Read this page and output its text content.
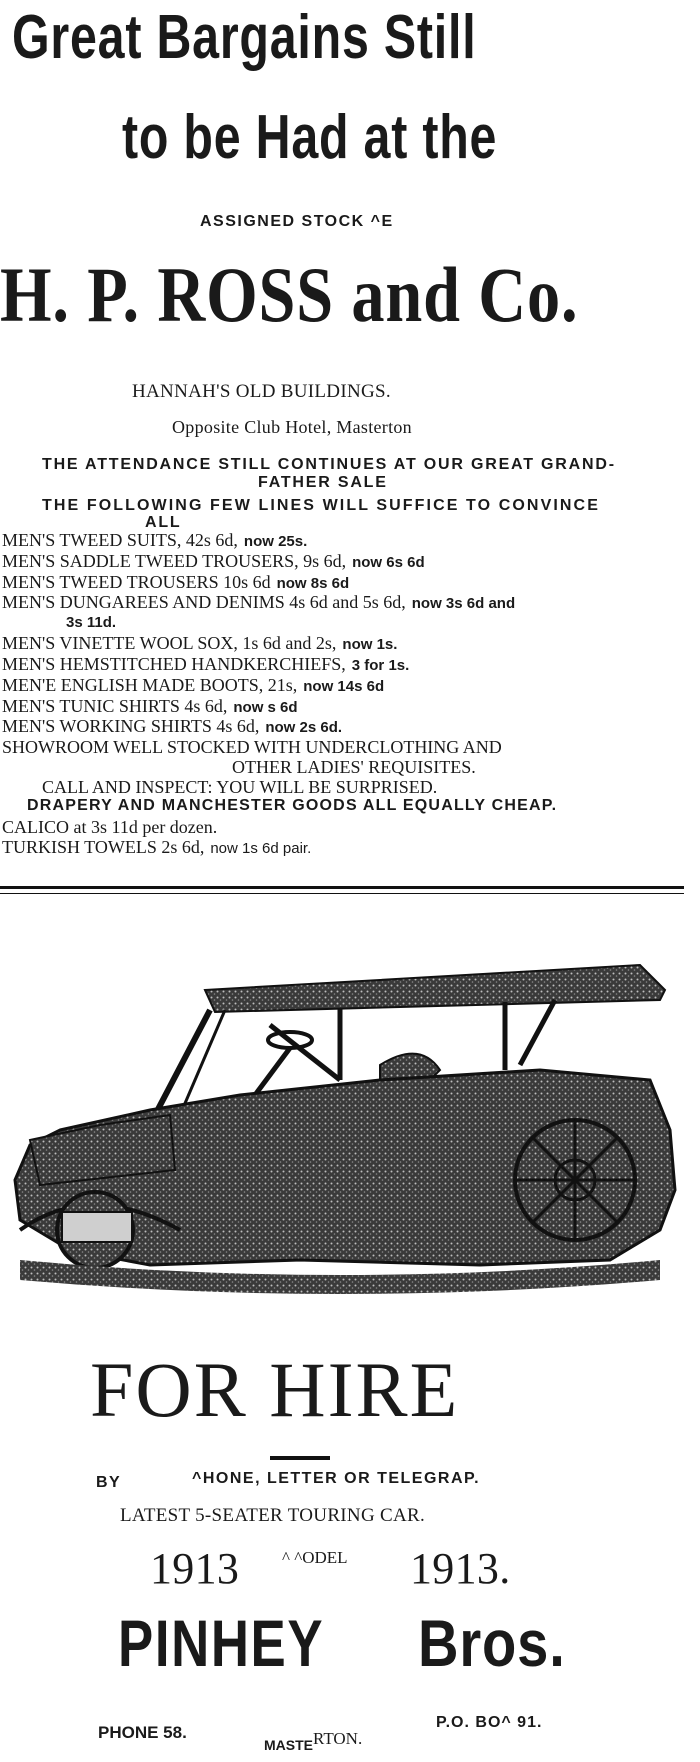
Great Bargains Still
to be Had at the
ASSIGNED STOCK ^E
H. P. ROSS and Co.
HANNAH'S OLD BUILDINGS.
Opposite Club Hotel, Masterton
THE ATTENDANCE STILL CONTINUES AT OUR GREAT GRAND-
FATHER SALE
THE FOLLOWING FEW LINES WILL SUFFICE TO CONVINCE
ALL
MEN'S TWEED SUITS, 42s 6d, now 25s.
MEN'S SADDLE TWEED TROUSERS, 9s 6d, now 6s 6d
MEN'S TWEED TROUSERS 10s 6d now 8s 6d
MEN'S DUNGAREES AND DENIMS 4s 6d and 5s 6d, now 3s 6d and
3s 11d.
MEN'S VINETTE WOOL SOX, 1s 6d and 2s, now 1s.
MEN'S HEMSTITCHED HANDKERCHIEFS, 3 for 1s.
MEN'E ENGLISH MADE BOOTS, 21s, now 14s 6d
MEN'S TUNIC SHIRTS 4s 6d, now s 6d
MEN'S WORKING SHIRTS 4s 6d, now 2s 6d.
SHOWROOM WELL STOCKED WITH UNDERCLOTHING AND
OTHER LADIES' REQUISITES.
CALL AND INSPECT: YOU WILL BE SURPRISED.
DRAPERY AND MANCHESTER GOODS ALL EQUALLY CHEAP.
CALICO at 3s 11d per dozen.
TURKISH TOWELS 2s 6d, now 1s 6d pair.
FOR HIRE
BY	^HONE, LETTER OR TELEGRAP.
LATEST 5-SEATER TOURING CAR.
1913	^ ^ODEL 1913.
PINHEY Bros.
PHONE 58.
P.O. BO^ 91.
MASTERTON.
